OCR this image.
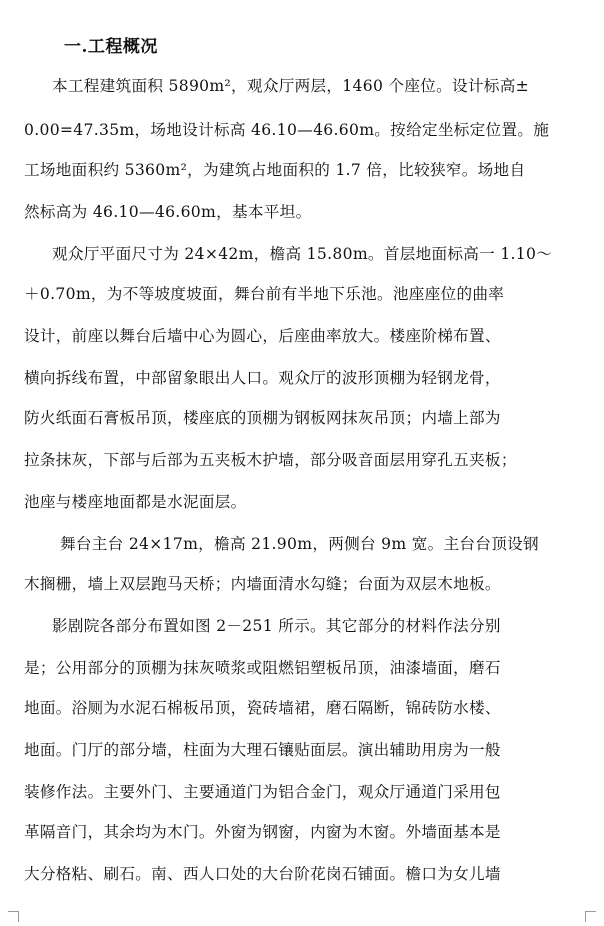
一.工程概况
本工程建筑面积 5890m²，观众厅两层，1460 个座位。设计标高±
0.00=47.35m，场地设计标高 46.10—46.60m。按给定坐标定位置。施
工场地面积约 5360m²，为建筑占地面积的 1.7 倍，比较狭窄。场地自
然标高为 46.10—46.60m，基本平坦。
观众厅平面尺寸为 24×42m，檐高 15.80m。首层地面标高一 1.10～
＋0.70m，为不等坡度坡面，舞台前有半地下乐池。池座座位的曲率
设计，前座以舞台后墙中心为圆心，后座曲率放大。楼座阶梯布置、
横向拆线布置，中部留象眼出人口。观众厅的波形顶棚为轻钢龙骨，
防火纸面石膏板吊顶，楼座底的顶棚为钢板网抹灰吊顶；内墙上部为
拉条抹灰，下部与后部为五夹板木护墙，部分吸音面层用穿孔五夹板；
池座与楼座地面都是水泥面层。
舞台主台 24×17m，檐高 21.90m，两侧台 9m 宽。主台台顶设钢
木搁栅，墙上双层跑马天桥；内墙面清水勾缝；台面为双层木地板。
影剧院各部分布置如图 2－251 所示。其它部分的材料作法分别
是；公用部分的顶棚为抹灰喷浆或阻燃铝塑板吊顶，油漆墙面，磨石
地面。浴厕为水泥石棉板吊顶，瓷砖墙裙，磨石隔断，锦砖防水楼、
地面。门厅的部分墙，柱面为大理石镶贴面层。演出辅助用房为一般
装修作法。主要外门、主要通道门为铝合金门，观众厅通道门采用包
革隔音门，其余均为木门。外窗为钢窗，内窗为木窗。外墙面基本是
大分格粘、刷石。南、西人口处的大台阶花岗石铺面。檐口为女儿墙
